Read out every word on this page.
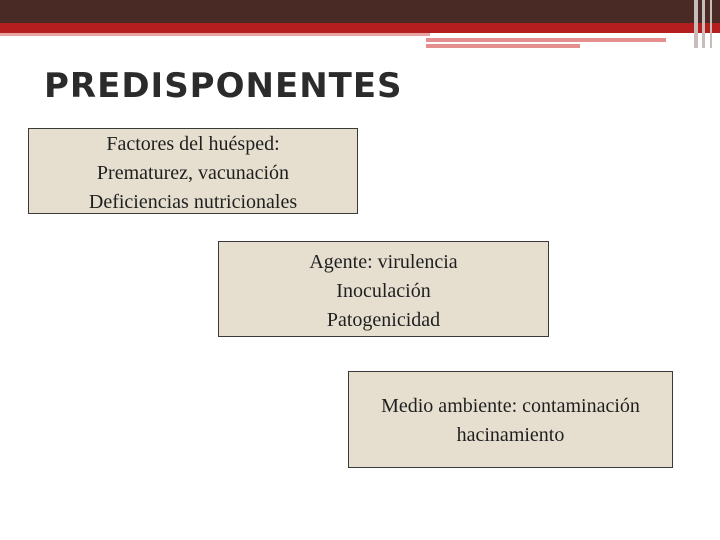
PREDISPONENTES
Factores del huésped:
Prematurez, vacunación
Deficiencias nutricionales
Agente: virulencia
Inoculación
Patogenicidad
Medio ambiente: contaminación
hacinamiento
